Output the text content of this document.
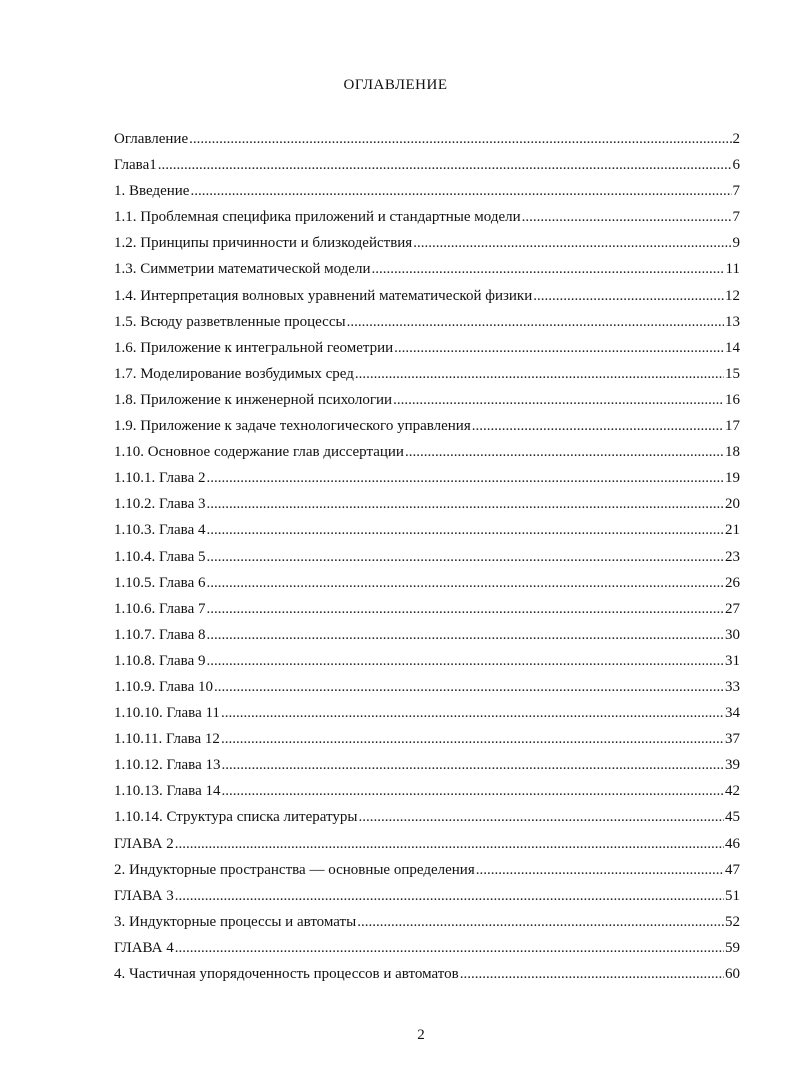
ОГЛАВЛЕНИЕ
Оглавление .....	2
Глава1 .....	6
1. Введение .....	7
1.1. Проблемная специфика приложений и стандартные модели .....	7
1.2. Принципы причинности и близкодействия .....	9
1.3. Симметрии математической модели .....	11
1.4. Интерпретация волновых уравнений математической физики .....	12
1.5. Всюду разветвленные процессы .....	13
1.6. Приложение к интегральной геометрии .....	14
1.7. Моделирование возбудимых сред .....	15
1.8. Приложение к инженерной психологии .....	16
1.9. Приложение к задаче технологического управления .....	17
1.10. Основное содержание глав диссертации .....	18
1.10.1. Глава 2 .....	19
1.10.2. Глава 3 .....	20
1.10.3. Глава 4 .....	21
1.10.4. Глава 5 .....	23
1.10.5. Глава 6 .....	26
1.10.6. Глава 7 .....	27
1.10.7. Глава 8 .....	30
1.10.8. Глава 9 .....	31
1.10.9. Глава 10 .....	33
1.10.10. Глава 11 .....	34
1.10.11. Глава 12 .....	37
1.10.12. Глава 13 .....	39
1.10.13. Глава 14 .....	42
1.10.14. Структура списка литературы .....	45
ГЛАВА 2 .....	46
2. Индукторные пространства — основные определения .....	47
ГЛАВА 3 .....	51
3. Индукторные процессы и автоматы .....	52
ГЛАВА 4 .....	59
4. Частичная упорядоченность процессов и автоматов .....	60
2
